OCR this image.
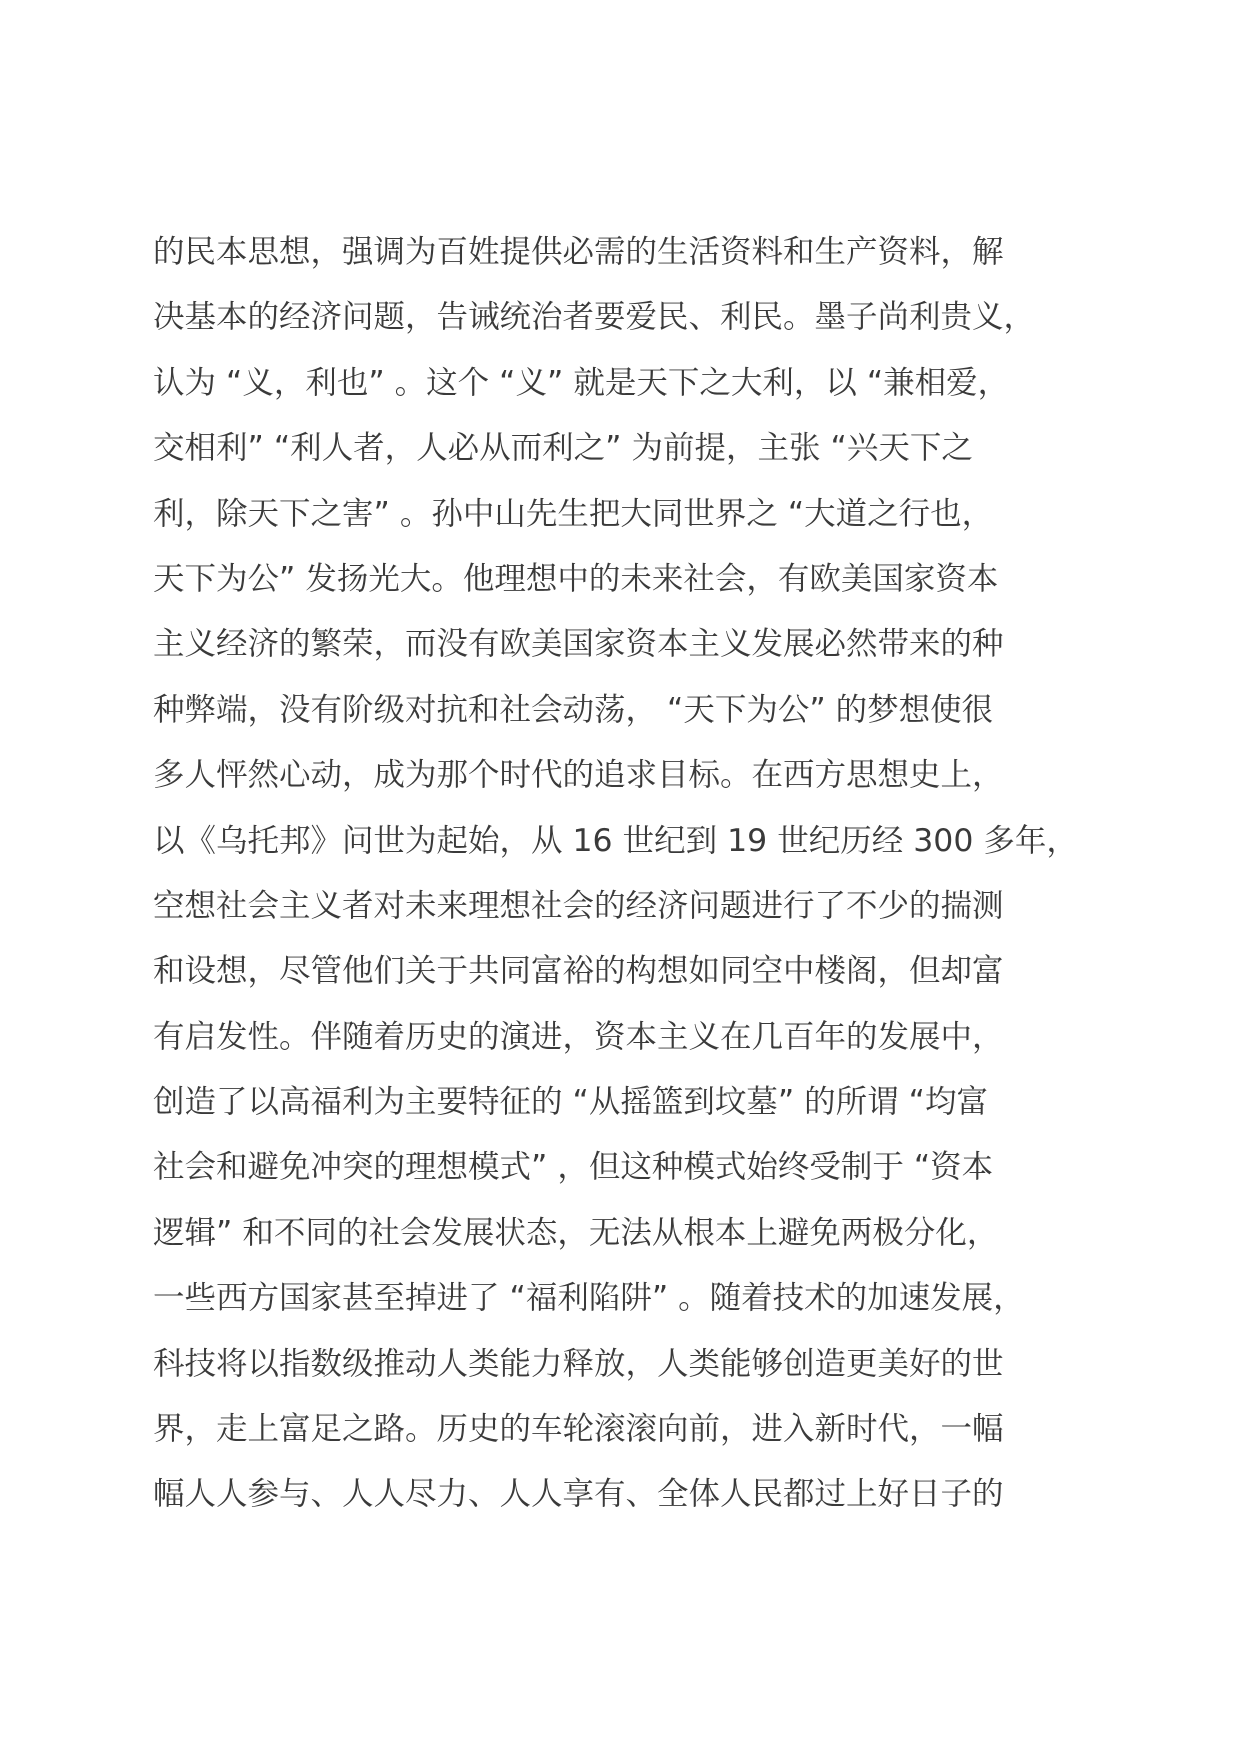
的民本思想，强调为百姓提供必需的生活资料和生产资料，解
决基本的经济问题，告诫统治者要爱民、利民。墨子尚利贵义，
认为 “义，利也” 。这个 “义” 就是天下之大利，以 “兼相爱，
交相利” “利人者，人必从而利之” 为前提，主张 “兴天下之
利，除天下之害” 。孙中山先生把大同世界之 “大道之行也，
天下为公” 发扬光大。他理想中的未来社会，有欧美国家资本
主义经济的繁荣，而没有欧美国家资本主义发展必然带来的种
种弊端，没有阶级对抗和社会动荡， “天下为公” 的梦想使很
多人怦然心动，成为那个时代的追求目标。在西方思想史上，
以《乌托邦》问世为起始，从 16 世纪到 19 世纪历经 300 多年，
空想社会主义者对未来理想社会的经济问题进行了不少的揣测
和设想，尽管他们关于共同富裕的构想如同空中楼阁，但却富
有启发性。伴随着历史的演进，资本主义在几百年的发展中，
创造了以高福利为主要特征的 “从摇篮到坟墓” 的所谓 “均富
社会和避免冲突的理想模式” ，但这种模式始终受制于 “资本
逻辑” 和不同的社会发展状态，无法从根本上避免两极分化，
一些西方国家甚至掉进了 “福利陷阱” 。随着技术的加速发展，
科技将以指数级推动人类能力释放，人类能够创造更美好的世
界，走上富足之路。历史的车轮滚滚向前，进入新时代，一幅
幅人人参与、人人尽力、人人享有、全体人民都过上好日子的
